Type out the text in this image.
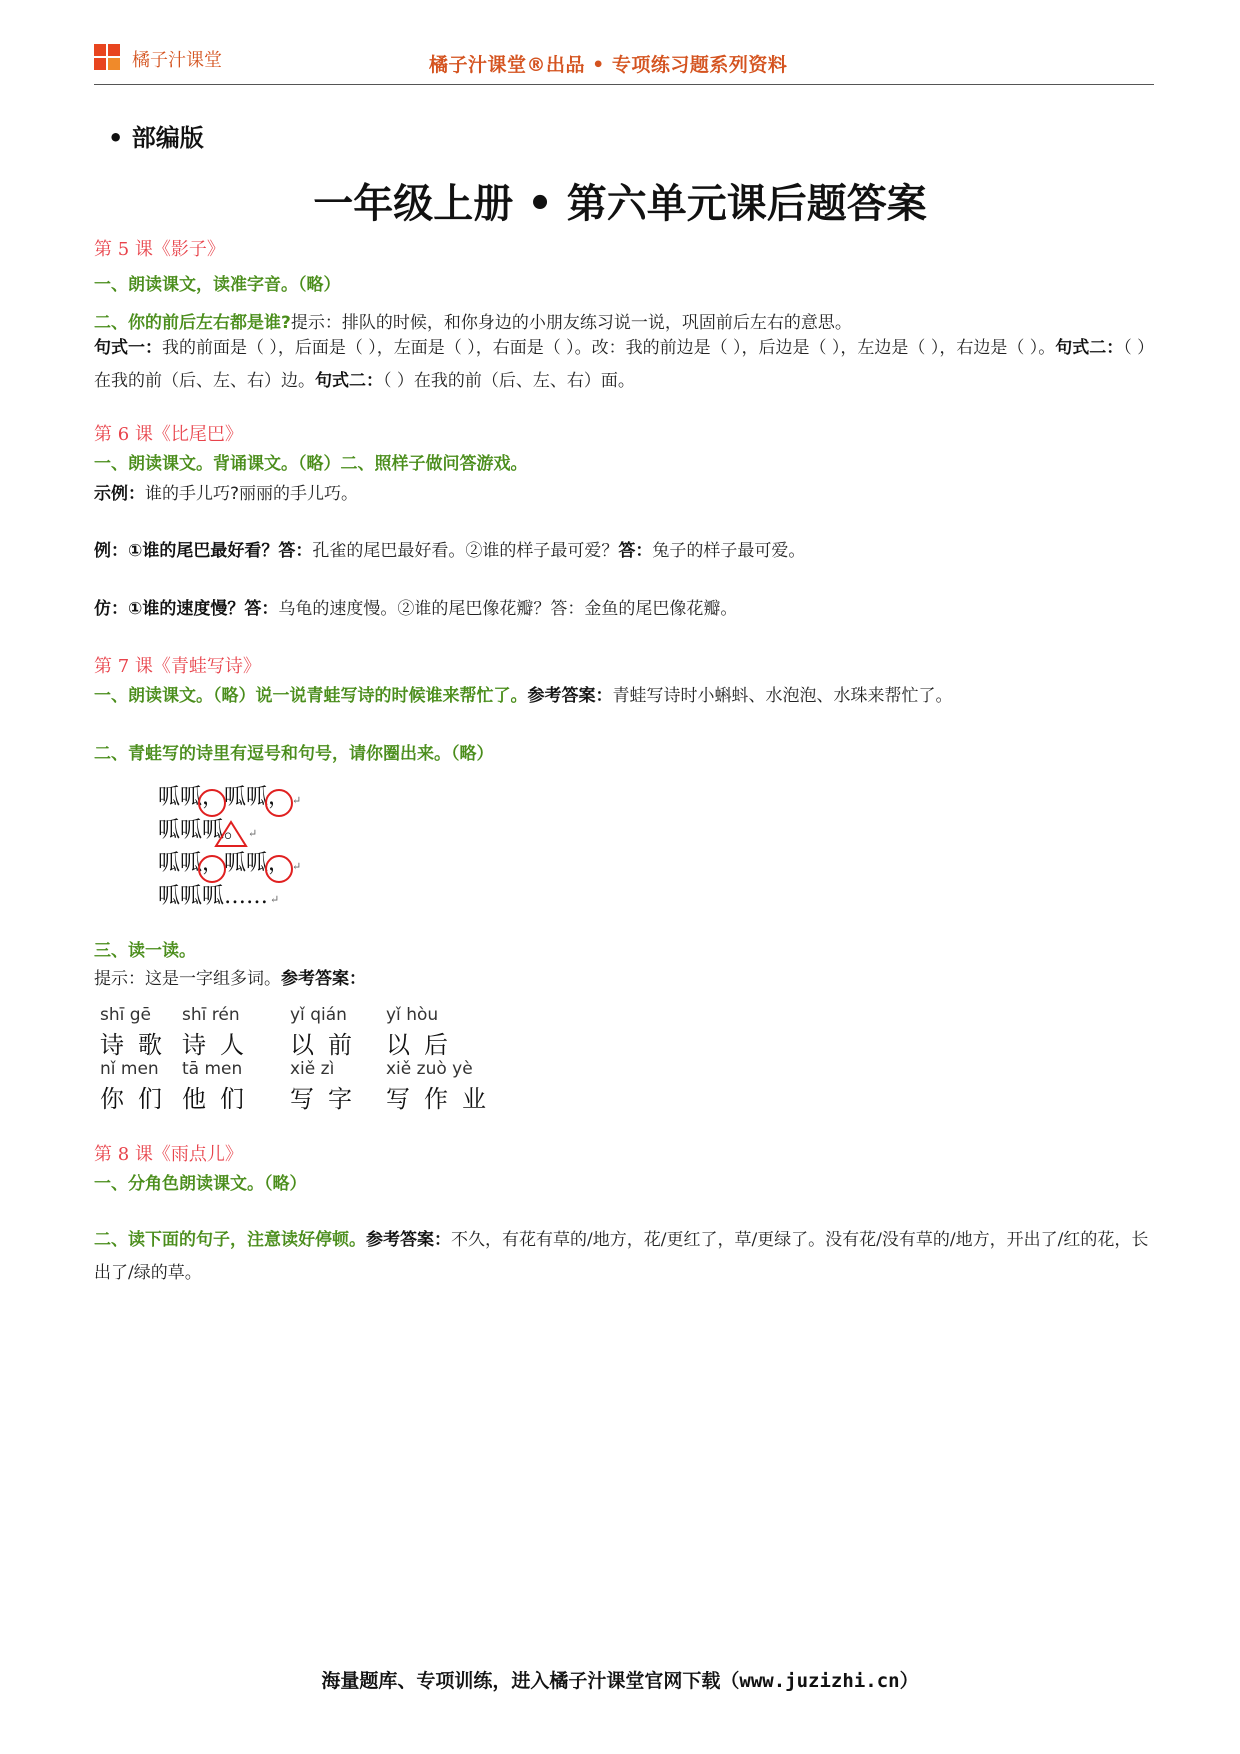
橘子汁课堂	橘子汁课堂®出品 • 专项练习题系列资料
• 部编版
一年级上册 • 第六单元课后题答案
第 5 课《影子》
一、朗读课文，读准字音。（略）
二、你的前后左右都是谁?提示：排队的时候，和你身边的小朋友练习说一说，巩固前后左右的意思。
句式一：我的前面是（ ），后面是（ ），左面是（ ），右面是（ ）。改：我的前边是（ ），后边是（ ），左边是（ ），右边是（ ）。句式二：（ ）在我的前（后、左、右）边。句式二：（ ）在我的前（后、左、右）面。
第 6 课《比尾巴》
一、朗读课文。背诵课文。（略）二、照样子做问答游戏。
示例：谁的手儿巧?丽丽的手儿巧。
例：①谁的尾巴最好看？答：孔雀的尾巴最好看。②谁的样子最可爱？答：兔子的样子最可爱。
仿：①谁的速度慢？答：乌龟的速度慢。②谁的尾巴像花瓣？答：金鱼的尾巴像花瓣。
第 7 课《青蛙写诗》
一、朗读课文。（略）说一说青蛙写诗的时候谁来帮忙了。参考答案：青蛙写诗时小蝌蚪、水泡泡、水珠来帮忙了。
二、青蛙写的诗里有逗号和句号，请你圈出来。（略）
呱呱，呱呱， ↵
呱呱呱。 ↵
呱呱，呱呱， ↵
呱呱呱…… ↵
三、读一读。
提示：这是一字组多词。参考答案：
shī gē
诗歌
shī rén
诗人
yǐ qián
以前
yǐ hòu
以后
nǐ men
你们
tā men
他们
xiě zì
写字
xiě zuò yè
写作业
第 8 课《雨点儿》
一、分角色朗读课文。（略）
二、读下面的句子，注意读好停顿。参考答案：不久，有花有草的/地方，花/更红了，草/更绿了。没有花/没有草的/地方，开出了/红的花，长出了/绿的草。
海量题库、专项训练，进入橘子汁课堂官网下载（www.juzizhi.cn）
